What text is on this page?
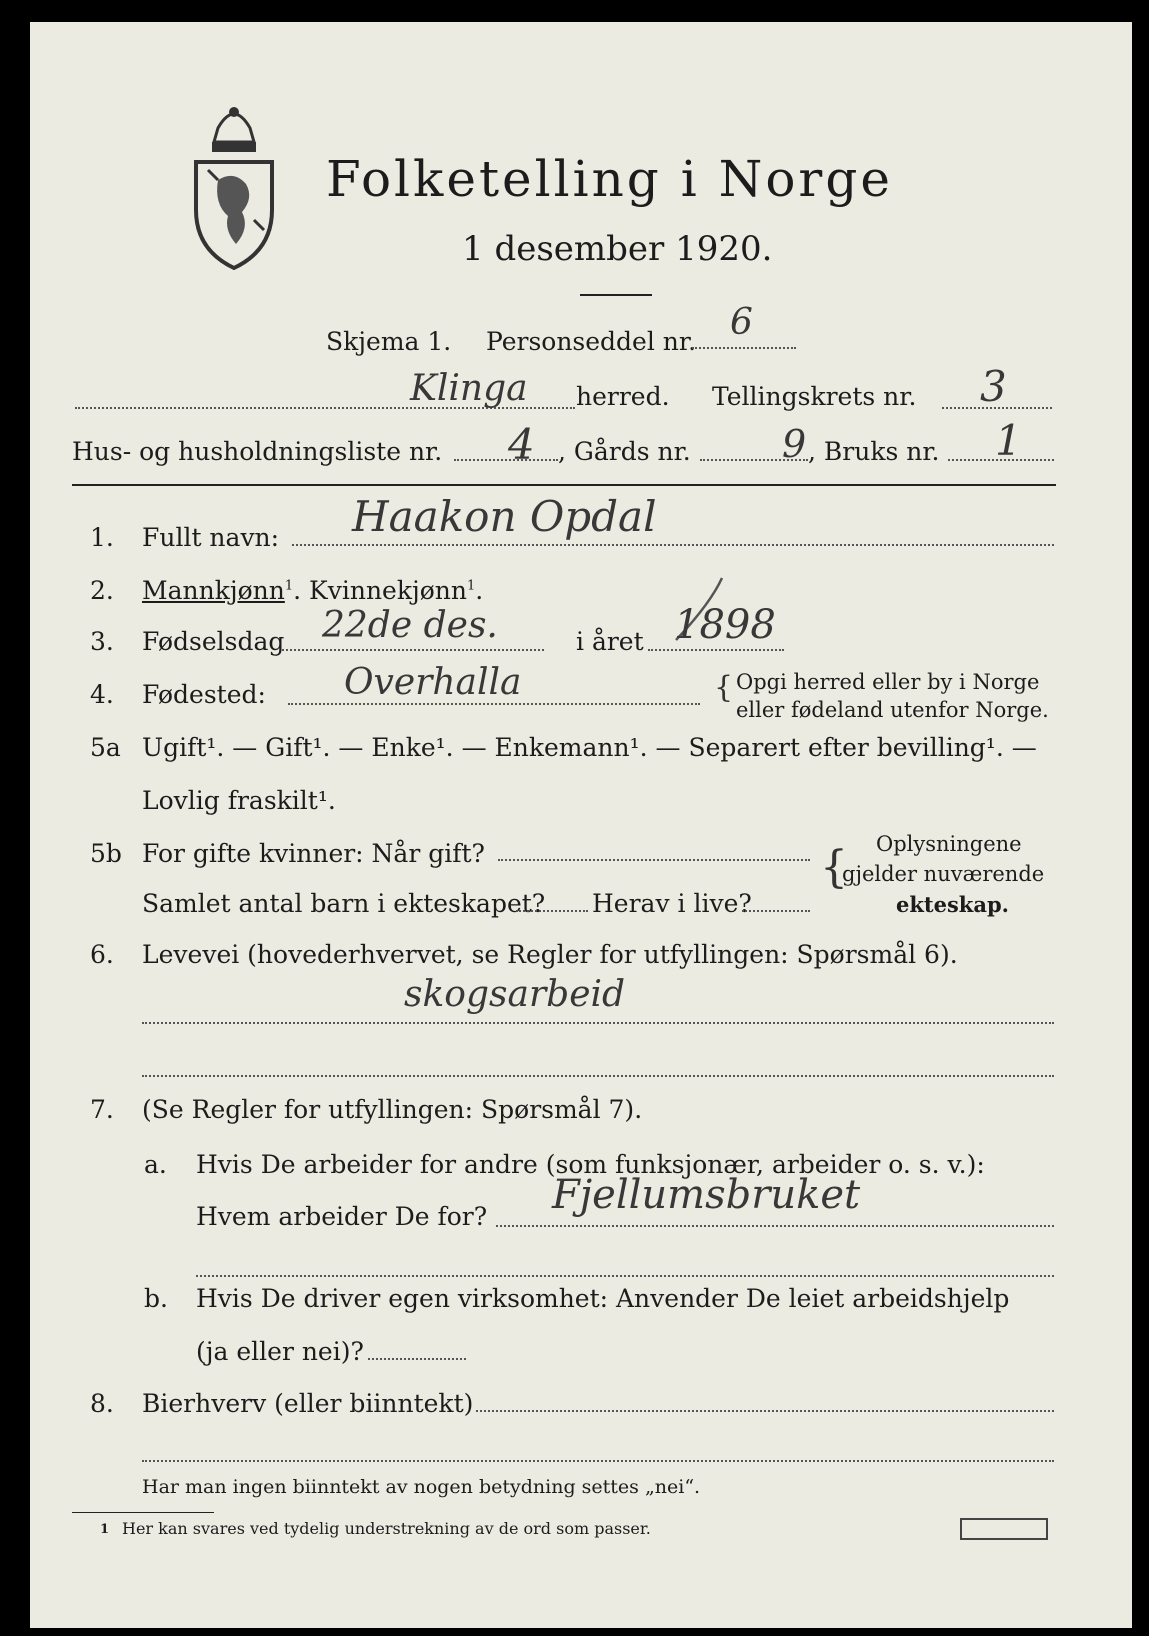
Folketelling i Norge
1 desember 1920.
Skjema 1. Personseddel nr. 6
Klinga herred. Tellingskrets nr. 3
Hus- og husholdningsliste nr. 4 , Gårds nr. 9 , Bruks nr. 1
1.	Fullt navn: Haakon Opdal
2.	Mannkjønn$^1$. Kvinnekjønn$^1$.
3.	Fødselsdag 22de des.	i året 1898
4.	Fødested: Overhalla	{ Opgi herred eller by i Norge
eller fødeland utenfor Norge.
5a Ugift¹. — Gift¹. — Enke¹. — Enkemann¹. — Separert efter bevilling¹. —
Lovlig fraskilt¹.
5b For gifte kvinner: Når gift?
Samlet antal barn i ekteskapet? Herav i live?
{ Oplysningene
gjelder nuværende
ekteskap.
6.	Levevei (hovederhvervet, se Regler for utfyllingen: Spørsmål 6).
skogsarbeid
7.	(Se Regler for utfyllingen: Spørsmål 7).
a. Hvis De arbeider for andre (som funksjonær, arbeider o. s. v.):
Hvem arbeider De for? Fjellumsbruket
b. Hvis De driver egen virksomhet: Anvender De leiet arbeidshjelp
(ja eller nei)?
8.	Bierhverv (eller biinntekt)
Har man ingen biinntekt av nogen betydning settes „nei“.
1 Her kan svares ved tydelig understrekning av de ord som passer.
